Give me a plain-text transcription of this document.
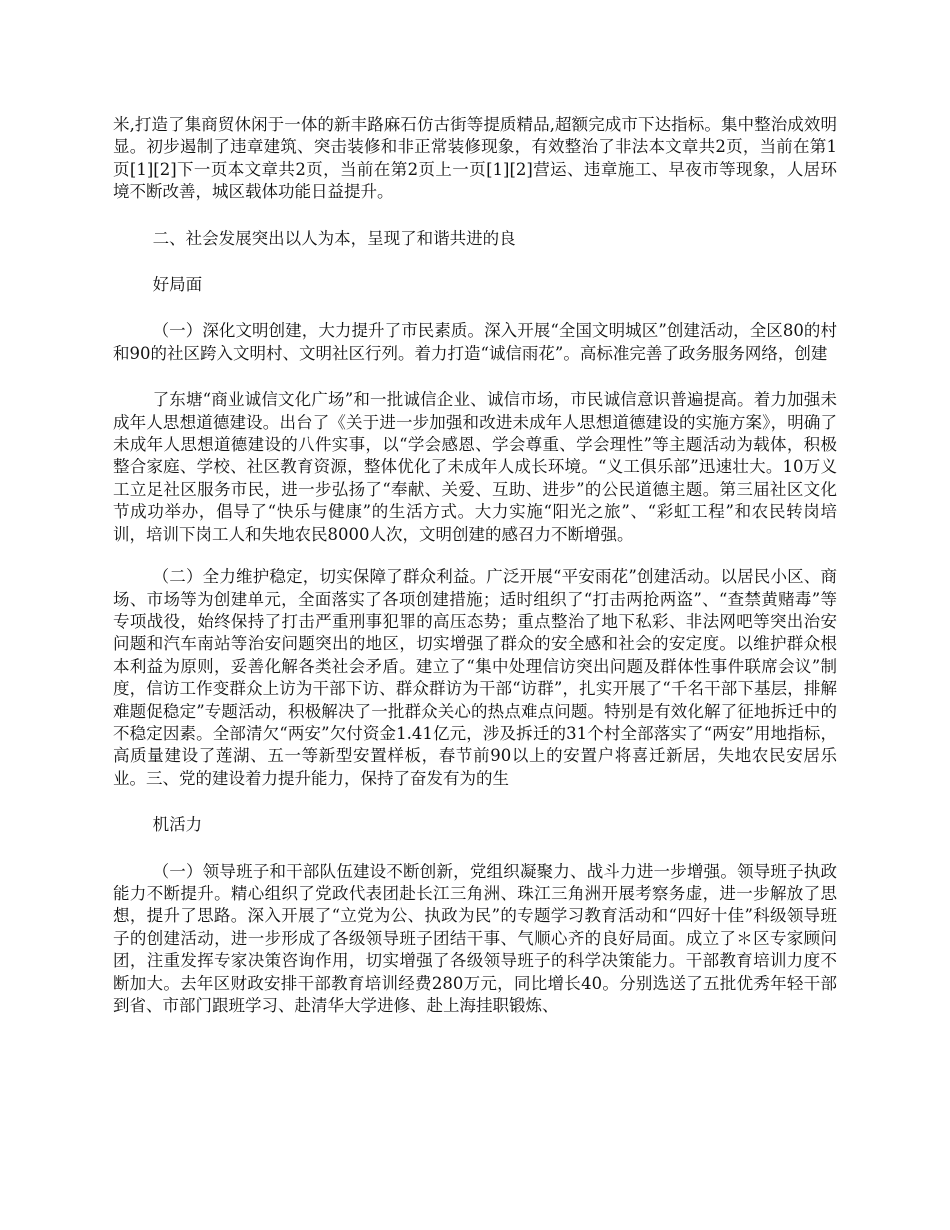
米,打造了集商贸休闲于一体的新丰路麻石仿古街等提质精品,超额完成市下达指标。集中整治成效明显。初步遏制了违章建筑、突击装修和非正常装修现象，有效整治了非法本文章共2页，当前在第1页[1][2]下一页本文章共2页，当前在第2页上一页[1][2]营运、违章施工、早夜市等现象，人居环境不断改善，城区载体功能日益提升。

二、社会发展突出以人为本，呈现了和谐共进的良

好局面

（一）深化文明创建，大力提升了市民素质。深入开展“全国文明城区”创建活动，全区80的村和90的社区跨入文明村、文明社区行列。着力打造“诚信雨花”。高标准完善了政务服务网络，创建

了东塘“商业诚信文化广场”和一批诚信企业、诚信市场，市民诚信意识普遍提高。着力加强未成年人思想道德建设。出台了《关于进一步加强和改进未成年人思想道德建设的实施方案》，明确了未成年人思想道德建设的八件实事，以“学会感恩、学会尊重、学会理性”等主题活动为载体，积极整合家庭、学校、社区教育资源，整体优化了未成年人成长环境。“义工俱乐部”迅速壮大。10万义工立足社区服务市民，进一步弘扬了“奉献、关爱、互助、进步”的公民道德主题。第三届社区文化节成功举办，倡导了“快乐与健康”的生活方式。大力实施“阳光之旅”、“彩虹工程”和农民转岗培训，培训下岗工人和失地农民8000人次，文明创建的感召力不断增强。

（二）全力维护稳定，切实保障了群众利益。广泛开展“平安雨花”创建活动。以居民小区、商场、市场等为创建单元，全面落实了各项创建措施；适时组织了“打击两抢两盗”、“查禁黄赌毒”等专项战役，始终保持了打击严重刑事犯罪的高压态势；重点整治了地下私彩、非法网吧等突出治安问题和汽车南站等治安问题突出的地区，切实增强了群众的安全感和社会的安定度。以维护群众根本利益为原则，妥善化解各类社会矛盾。建立了“集中处理信访突出问题及群体性事件联席会议”制度，信访工作变群众上访为干部下访、群众群访为干部“访群”，扎实开展了“千名干部下基层，排解难题促稳定”专题活动，积极解决了一批群众关心的热点难点问题。特别是有效化解了征地拆迁中的不稳定因素。全部清欠“两安”欠付资金1.41亿元，涉及拆迁的31个村全部落实了“两安”用地指标，高质量建设了莲湖、五一等新型安置样板，春节前90以上的安置户将喜迁新居，失地农民安居乐业。三、党的建设着力提升能力，保持了奋发有为的生

机活力

（一）领导班子和干部队伍建设不断创新，党组织凝聚力、战斗力进一步增强。领导班子执政能力不断提升。精心组织了党政代表团赴长江三角洲、珠江三角洲开展考察务虚，进一步解放了思想，提升了思路。深入开展了“立党为公、执政为民”的专题学习教育活动和“四好十佳”科级领导班子的创建活动，进一步形成了各级领导班子团结干事、气顺心齐的良好局面。成立了＊区专家顾问团，注重发挥专家决策咨询作用，切实增强了各级领导班子的科学决策能力。干部教育培训力度不断加大。去年区财政安排干部教育培训经费280万元，同比增长40。分别选送了五批优秀年轻干部到省、市部门跟班学习、赴清华大学进修、赴上海挂职锻炼、
